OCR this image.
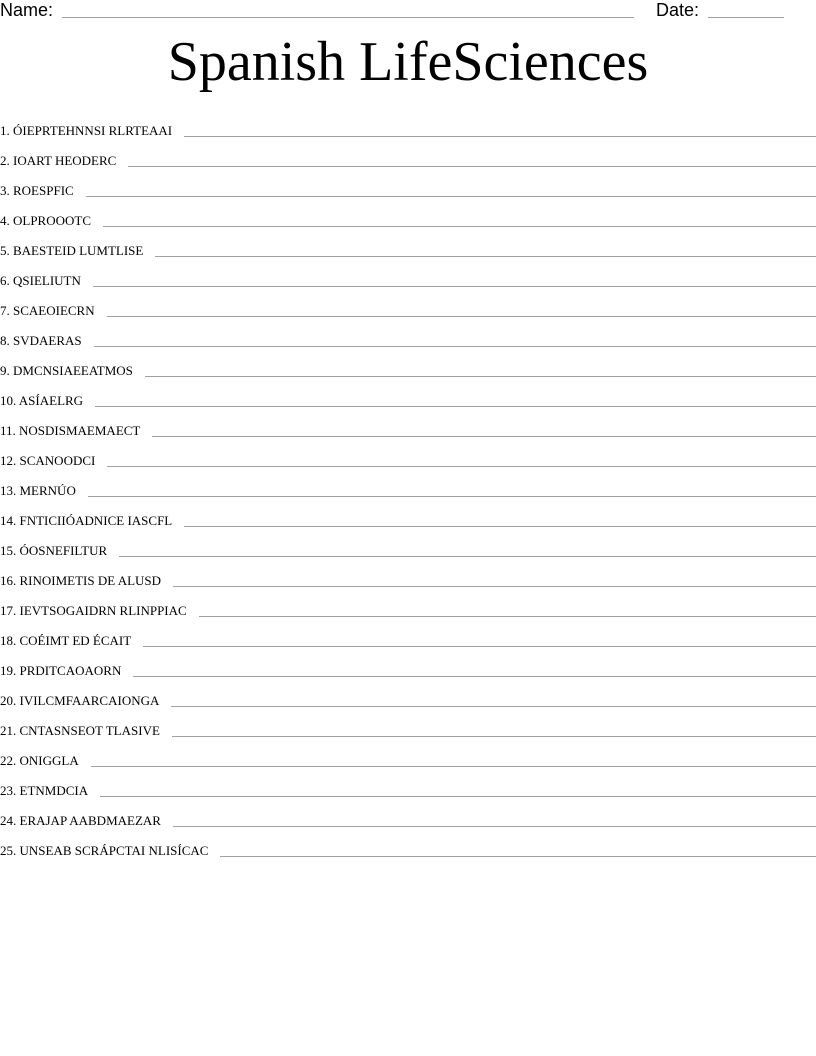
Name:	Date:
Spanish LifeSciences
1 . ÓIEPRTEHNNSI RLRTEAAI
2 . IOART HEODERC
3 . ROESPFIC
4 . OLPROOOTC
5 . BAESTEID LUMTLISE
6 . QSIELIUTN
7 . SCAEOIECRN
8 . SVDAERAS
9 . DMCNSIAEEATMOS
10 . ASÍAELRG
11 . NOSDISMAEMAECT
12 . SCANOODCI
13 . MERNÚO
14 . FNTICIIÓADNICE IASCFL
15 . ÓOSNEFILTUR
16 . RINOIMETIS DE ALUSD
17 . IEVTSOGAIDRN RLINPPIAC
18 . COÉIMT ED ÉCAIT
19 . PRDITCAOAORN
20 . IVILCMFAARCAIONGA
21 . CNTASNSEOT TLASIVE
22 . ONIGGLA
23 . ETNMDCIA
24 . ERAJAP AABDMAEZAR
25 . UNSEAB SCRÁPCTAI NLISÍCAC
